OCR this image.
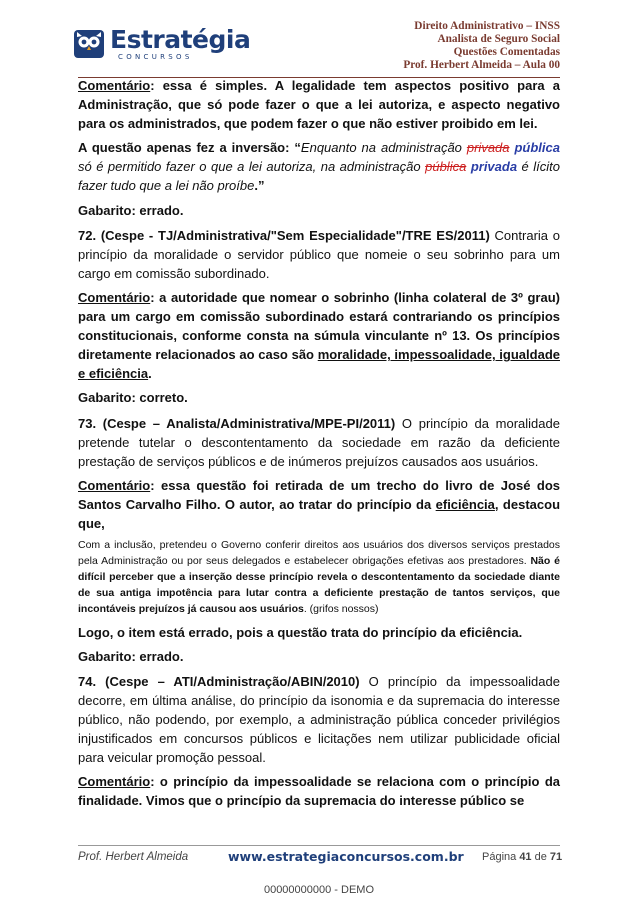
Estratégia
CONCURSOS
Direito Administrativo – INSS
Analista de Seguro Social
Questões Comentadas
Prof. Herbert Almeida – Aula 00

Comentário: essa é simples. A legalidade tem aspectos positivo para a Administração, que só pode fazer o que a lei autoriza, e aspecto negativo para os administrados, que podem fazer o que não estiver proibido em lei.

A questão apenas fez a inversão: “Enquanto na administração privada pública só é permitido fazer o que a lei autoriza, na administração pública privada é lícito fazer tudo que a lei não proíbe.”

Gabarito: errado.

72. (Cespe - TJ/Administrativa/"Sem Especialidade"/TRE ES/2011) Contraria o princípio da moralidade o servidor público que nomeie o seu sobrinho para um cargo em comissão subordinado.

Comentário: a autoridade que nomear o sobrinho (linha colateral de 3º grau) para um cargo em comissão subordinado estará contrariando os princípios constitucionais, conforme consta na súmula vinculante nº 13. Os princípios diretamente relacionados ao caso são moralidade, impessoalidade, igualdade e eficiência.

Gabarito: correto.

73. (Cespe – Analista/Administrativa/MPE-PI/2011) O princípio da moralidade pretende tutelar o descontentamento da sociedade em razão da deficiente prestação de serviços públicos e de inúmeros prejuízos causados aos usuários.

Comentário: essa questão foi retirada de um trecho do livro de José dos Santos Carvalho Filho. O autor, ao tratar do princípio da eficiência, destacou que,

Com a inclusão, pretendeu o Governo conferir direitos aos usuários dos diversos serviços prestados pela Administração ou por seus delegados e estabelecer obrigações efetivas aos prestadores. Não é difícil perceber que a inserção desse princípio revela o descontentamento da sociedade diante de sua antiga impotência para lutar contra a deficiente prestação de tantos serviços, que incontáveis prejuízos já causou aos usuários. (grifos nossos)

Logo, o item está errado, pois a questão trata do princípio da eficiência.

Gabarito: errado.

74. (Cespe – ATI/Administração/ABIN/2010) O princípio da impessoalidade decorre, em última análise, do princípio da isonomia e da supremacia do interesse público, não podendo, por exemplo, a administração pública conceder privilégios injustificados em concursos públicos e licitações nem utilizar publicidade oficial para veicular promoção pessoal.

Comentário: o princípio da impessoalidade se relaciona com o princípio da finalidade. Vimos que o princípio da supremacia do interesse público se

Prof. Herbert Almeida	www.estrategiaconcursos.com.br Página 41 de 71
00000000000 - DEMO
